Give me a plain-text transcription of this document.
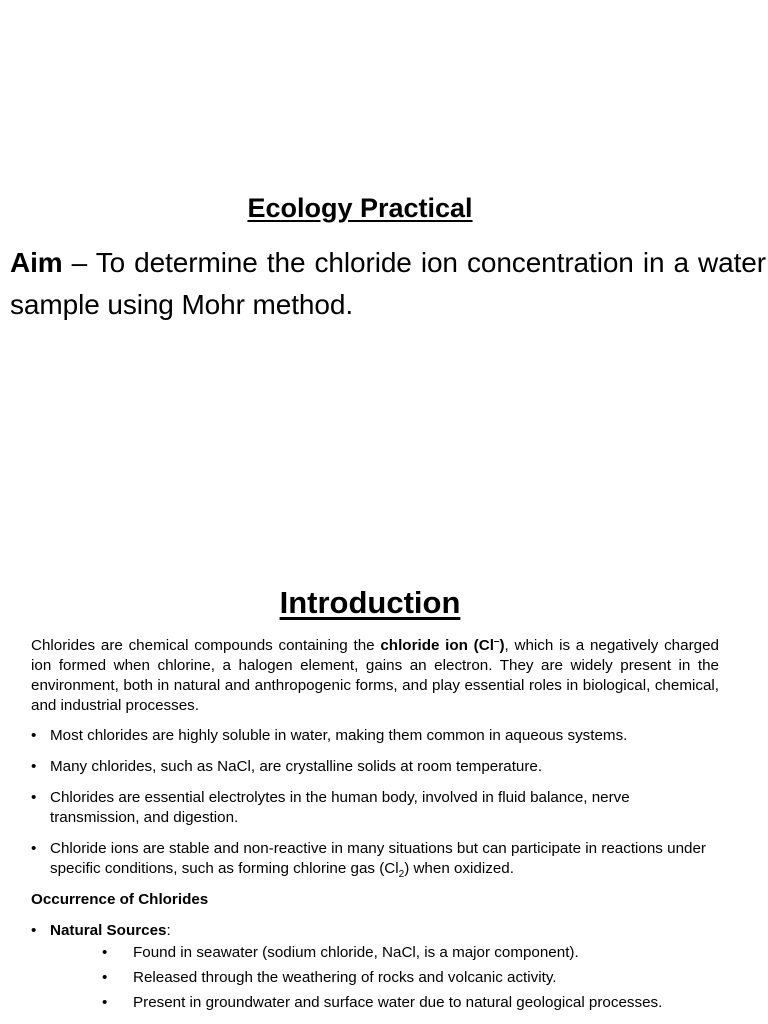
Ecology Practical
Aim – To determine the chloride ion concentration in a water sample using Mohr method.
Introduction

Chlorides are chemical compounds containing the chloride ion (Cl–), which is a negatively charged ion formed when chlorine, a halogen element, gains an electron. They are widely present in the environment, both in natural and anthropogenic forms, and play essential roles in biological, chemical, and industrial processes.

• Most chlorides are highly soluble in water, making them common in aqueous systems.
• Many chlorides, such as NaCl, are crystalline solids at room temperature.
• Chlorides are essential electrolytes in the human body, involved in fluid balance, nerve transmission, and digestion.
• Chloride ions are stable and non-reactive in many situations but can participate in reactions under specific conditions, such as forming chlorine gas $(Cl_2)$ when oxidized.
Occurrence of Chlorides
• Natural Sources:
• Found in seawater (sodium chloride, NaCl, is a major component).
• Released through the weathering of rocks and volcanic activity.
• Present in groundwater and surface water due to natural geological processes.
